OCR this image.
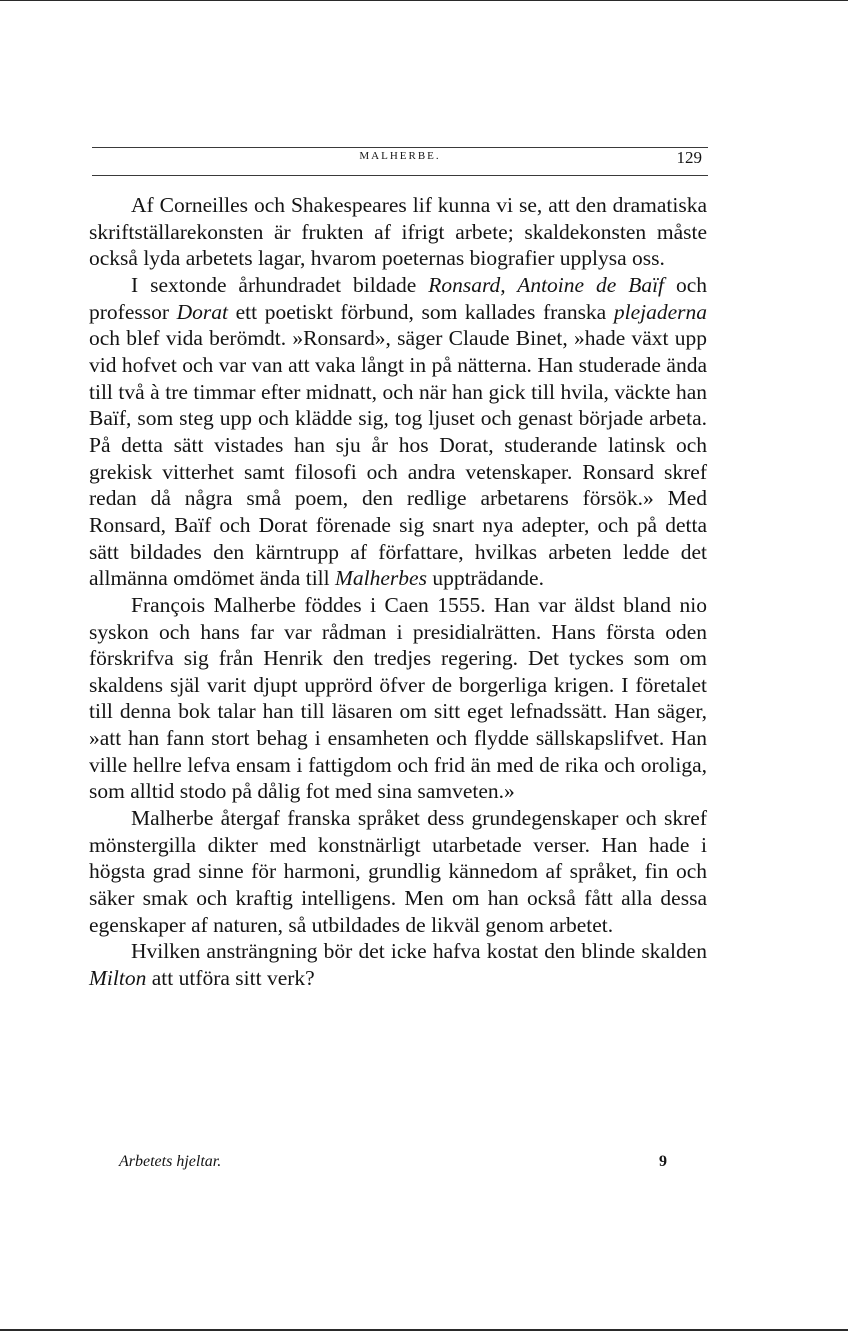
MALHERBE.	129

Af Corneilles och Shakespeares lif kunna vi se, att den dramatiska skriftställarekonsten är frukten af ifrigt arbete; skaldekonsten måste också lyda arbetets lagar, hvarom poeternas biografier upplysa oss.

I sextonde århundradet bildade Ronsard, Antoine de Baïf och professor Dorat ett poetiskt förbund, som kallades franska plejaderna och blef vida berömdt. »Ronsard», säger Claude Binet, »hade växt upp vid hofvet och var van att vaka långt in på nätterna. Han studerade ända till två à tre timmar efter midnatt, och när han gick till hvila, väckte han Baïf, som steg upp och klädde sig, tog ljuset och genast började arbeta. På detta sätt vistades han sju år hos Dorat, studerande latinsk och grekisk vitterhet samt filosofi och andra vetenskaper. Ronsard skref redan då några små poem, den redlige arbetarens försök.» Med Ronsard, Baïf och Dorat förenade sig snart nya adepter, och på detta sätt bildades den kärntrupp af författare, hvilkas arbeten ledde det allmänna omdömet ända till Malherbes uppträdande.

François Malherbe föddes i Caen 1555. Han var äldst bland nio syskon och hans far var rådman i presidialrätten. Hans första oden förskrifva sig från Henrik den tredjes regering. Det tyckes som om skaldens själ varit djupt upprörd öfver de borgerliga krigen. I företalet till denna bok talar han till läsaren om sitt eget lefnadssätt. Han säger, »att han fann stort behag i ensamheten och flydde sällskapslifvet. Han ville hellre lefva ensam i fattigdom och frid än med de rika och oroliga, som alltid stodo på dålig fot med sina samveten.»

Malherbe återgaf franska språket dess grundegenskaper och skref mönstergilla dikter med konstnärligt utarbetade verser. Han hade i högsta grad sinne för harmoni, grundlig kännedom af språket, fin och säker smak och kraftig intelligens. Men om han också fått alla dessa egenskaper af naturen, så utbildades de likväl genom arbetet.

Hvilken ansträngning bör det icke hafva kostat den blinde skalden Milton att utföra sitt verk?

Arbetets hjeltar.	9
